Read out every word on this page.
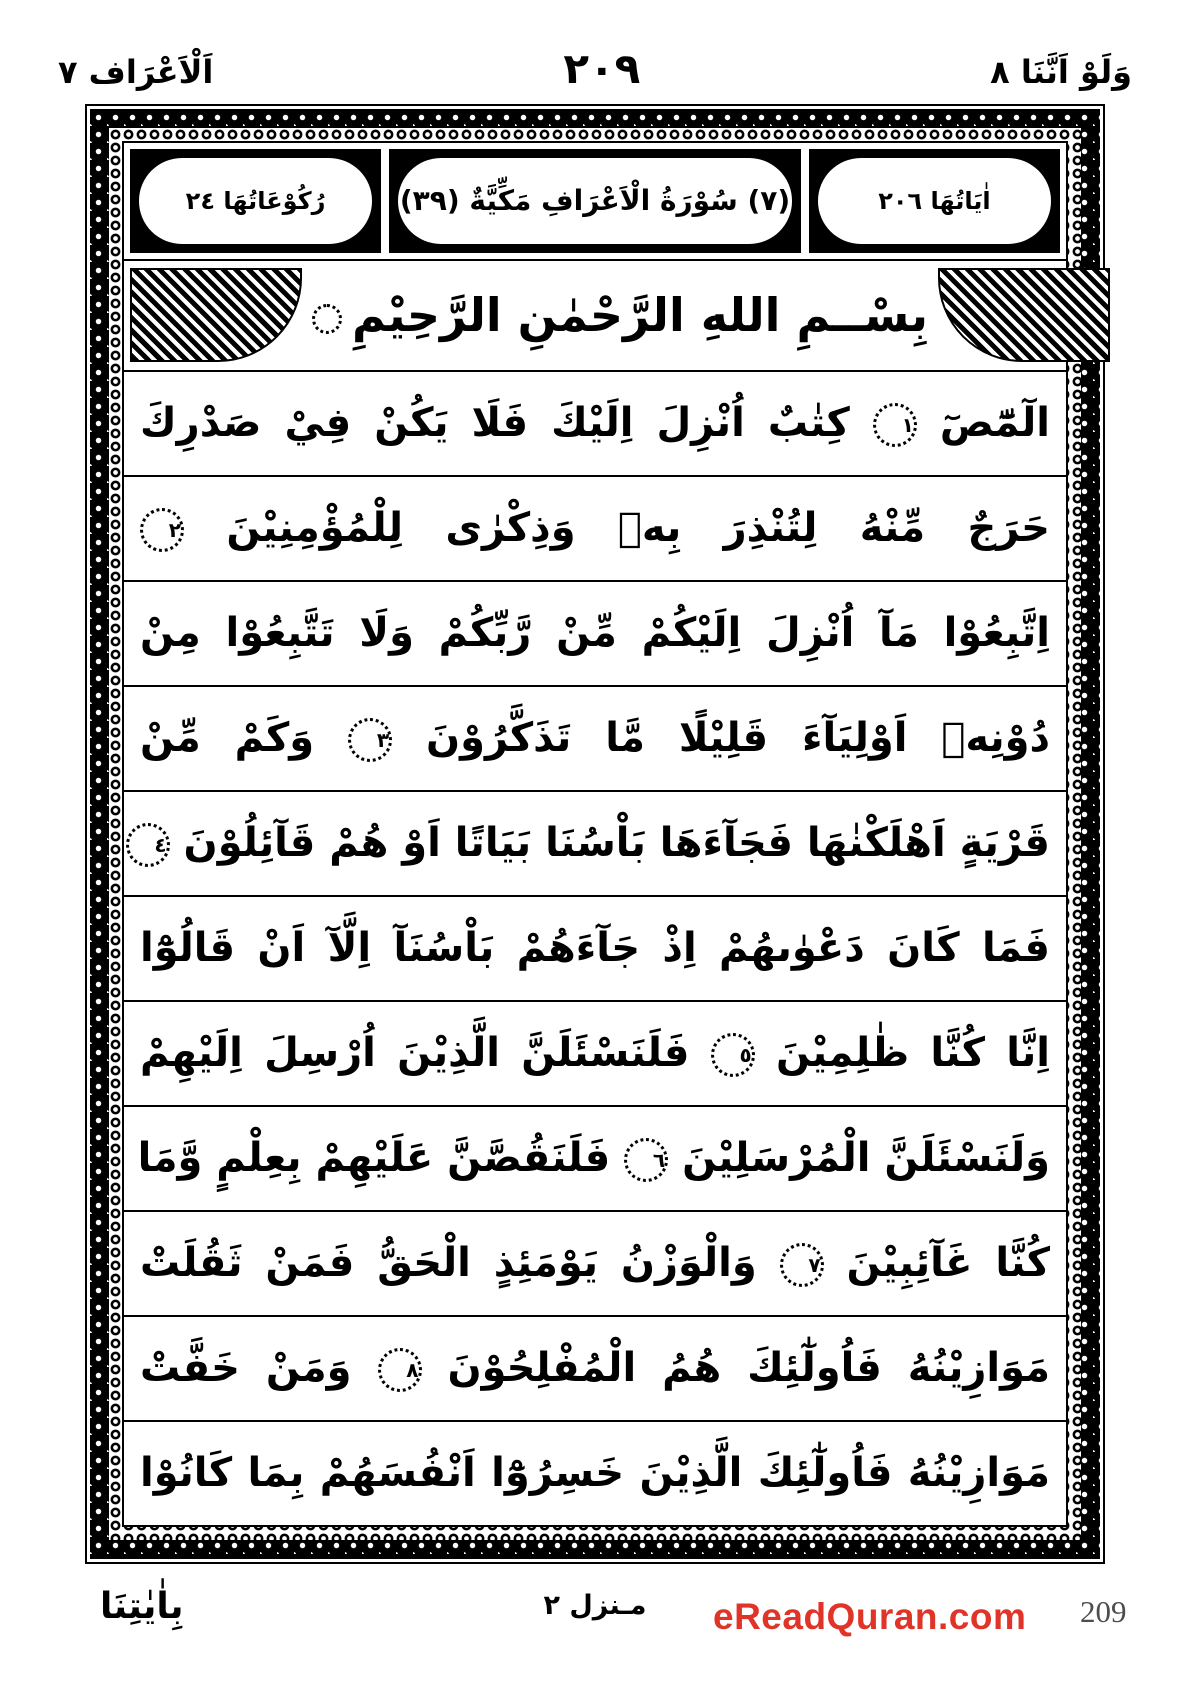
اَلْاَعْرَاف ٧	٢٠٩	وَلَوْ اَنَّنَا ٨
اٰيَاتُهَا ٢٠٦
(٧) سُوْرَةُ الْاَعْرَافِ مَكِّيَّةٌ (٣٩)
رُكُوْعَاتُهَا ٢٤
بِسْــمِ اللهِ الرَّحْمٰنِ الرَّحِيْمِ
الٓمّٓصٓ ١ كِتٰبٌ اُنْزِلَ اِلَيْكَ فَلَا يَكُنْ فِيْ صَدْرِكَ
حَرَجٌ مِّنْهُ لِتُنْذِرَ بِهٖ وَذِكْرٰى لِلْمُؤْمِنِيْنَ ٢
اِتَّبِعُوْا مَآ اُنْزِلَ اِلَيْكُمْ مِّنْ رَّبِّكُمْ وَلَا تَتَّبِعُوْا مِنْ
دُوْنِهٖ اَوْلِيَآءَ قَلِيْلًا مَّا تَذَكَّرُوْنَ ٣ وَكَمْ مِّنْ
قَرْيَةٍ اَهْلَكْنٰهَا فَجَآءَهَا بَاْسُنَا بَيَاتًا اَوْ هُمْ قَآئِلُوْنَ ٤
فَمَا كَانَ دَعْوٰىهُمْ اِذْ جَآءَهُمْ بَاْسُنَآ اِلَّآ اَنْ قَالُوْٓا
اِنَّا كُنَّا ظٰلِمِيْنَ ٥ فَلَنَسْئَلَنَّ الَّذِيْنَ اُرْسِلَ اِلَيْهِمْ
وَلَنَسْئَلَنَّ الْمُرْسَلِيْنَ ٦ فَلَنَقُصَّنَّ عَلَيْهِمْ بِعِلْمٍ وَّمَا
كُنَّا غَآئِبِيْنَ ٧ وَالْوَزْنُ يَوْمَئِذٍ الْحَقُّ فَمَنْ ثَقُلَتْ
مَوَازِيْنُهُ فَاُولٰٓئِكَ هُمُ الْمُفْلِحُوْنَ ٨ وَمَنْ خَفَّتْ
مَوَازِيْنُهُ فَاُولٰٓئِكَ الَّذِيْنَ خَسِرُوْٓا اَنْفُسَهُمْ بِمَا كَانُوْا
بِاٰيٰتِنَا	مـنزل ٢	eReadQuran.com 209
